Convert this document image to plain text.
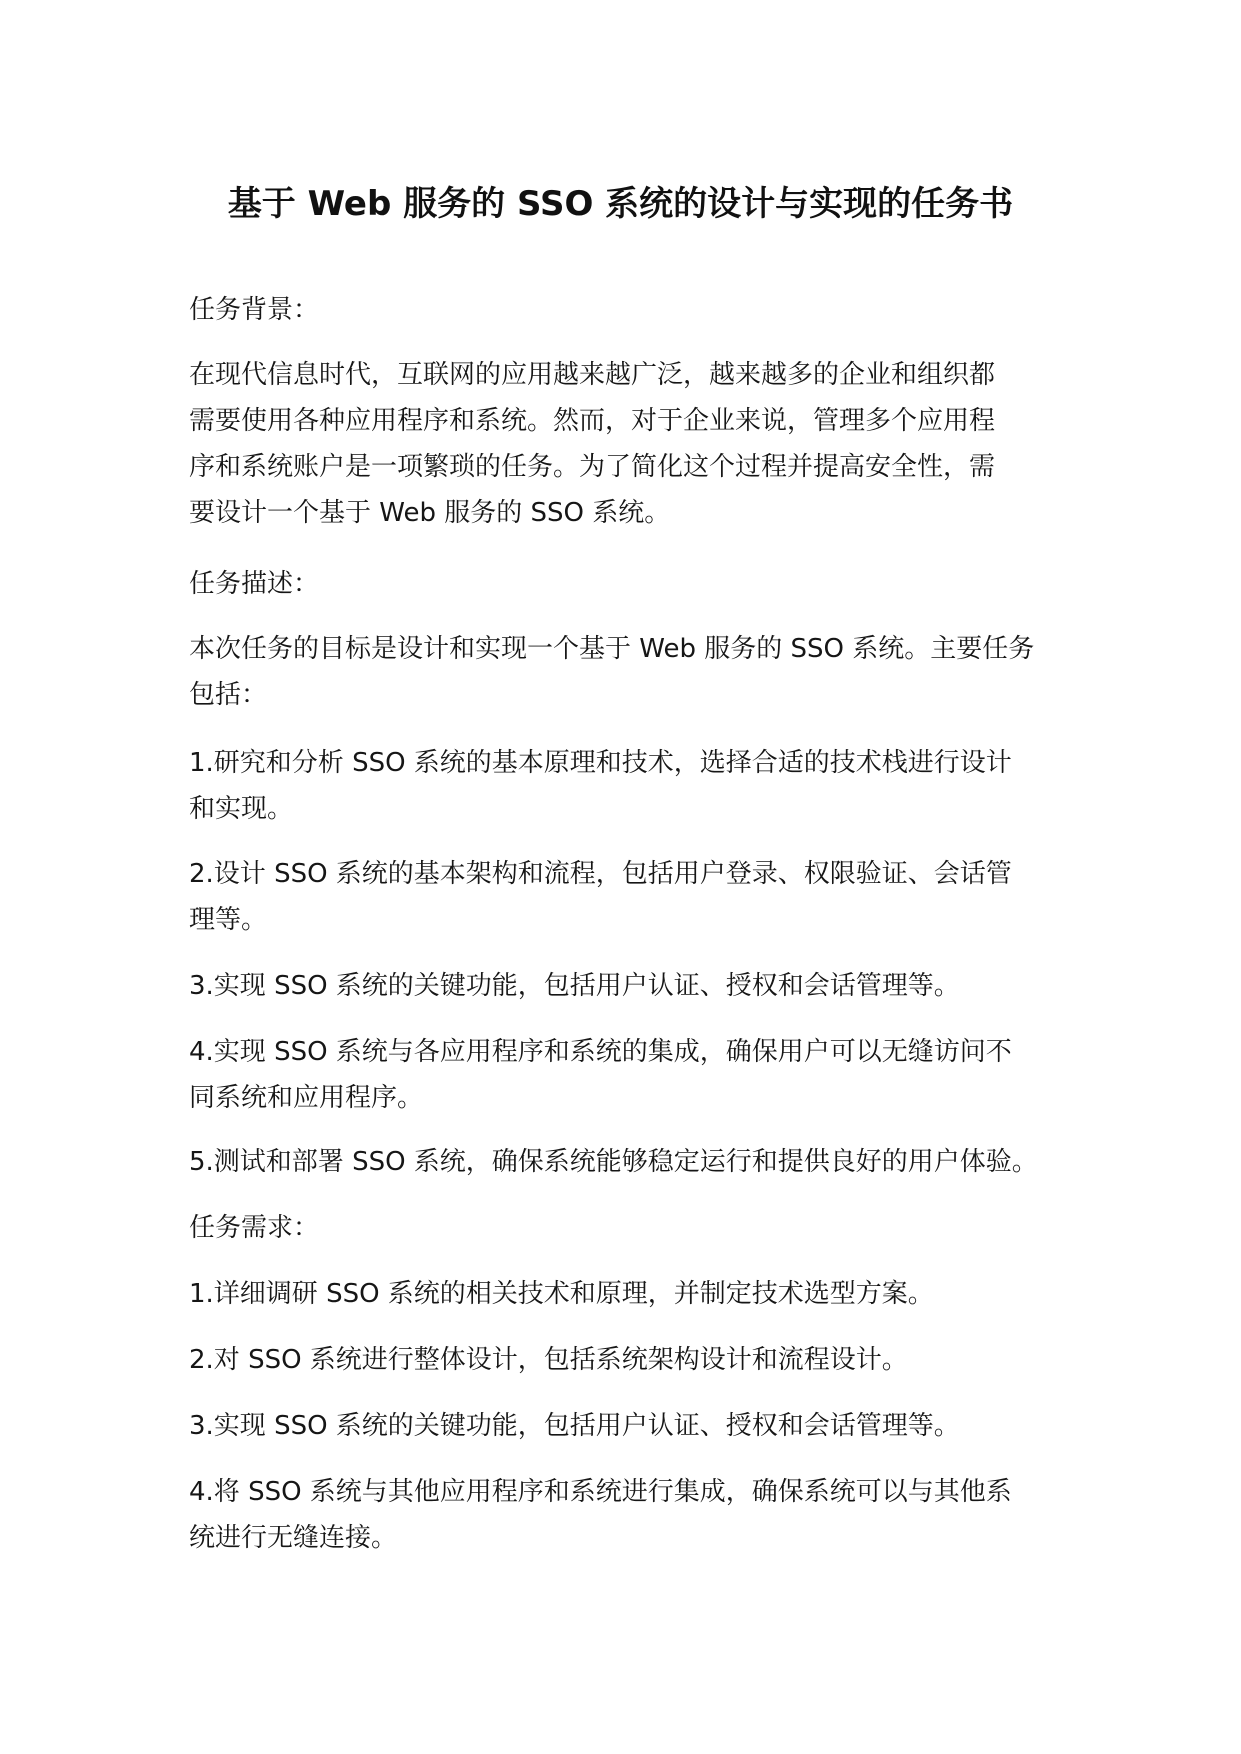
基于 Web 服务的 SSO 系统的设计与实现的任务书

任务背景：

在现代信息时代，互联网的应用越来越广泛，越来越多的企业和组织都
需要使用各种应用程序和系统。然而，对于企业来说，管理多个应用程
序和系统账户是一项繁琐的任务。为了简化这个过程并提高安全性，需
要设计一个基于 Web 服务的 SSO 系统。

任务描述：

本次任务的目标是设计和实现一个基于 Web 服务的 SSO 系统。主要任务
包括：
1.研究和分析 SSO 系统的基本原理和技术，选择合适的技术栈进行设计
和实现。
2.设计 SSO 系统的基本架构和流程，包括用户登录、权限验证、会话管
理等。
3.实现 SSO 系统的关键功能，包括用户认证、授权和会话管理等。
4.实现 SSO 系统与各应用程序和系统的集成，确保用户可以无缝访问不
同系统和应用程序。
5.测试和部署 SSO 系统，确保系统能够稳定运行和提供良好的用户体验。

任务需求：

1.详细调研 SSO 系统的相关技术和原理，并制定技术选型方案。
2.对 SSO 系统进行整体设计，包括系统架构设计和流程设计。
3.实现 SSO 系统的关键功能，包括用户认证、授权和会话管理等。
4.将 SSO 系统与其他应用程序和系统进行集成，确保系统可以与其他系
统进行无缝连接。
